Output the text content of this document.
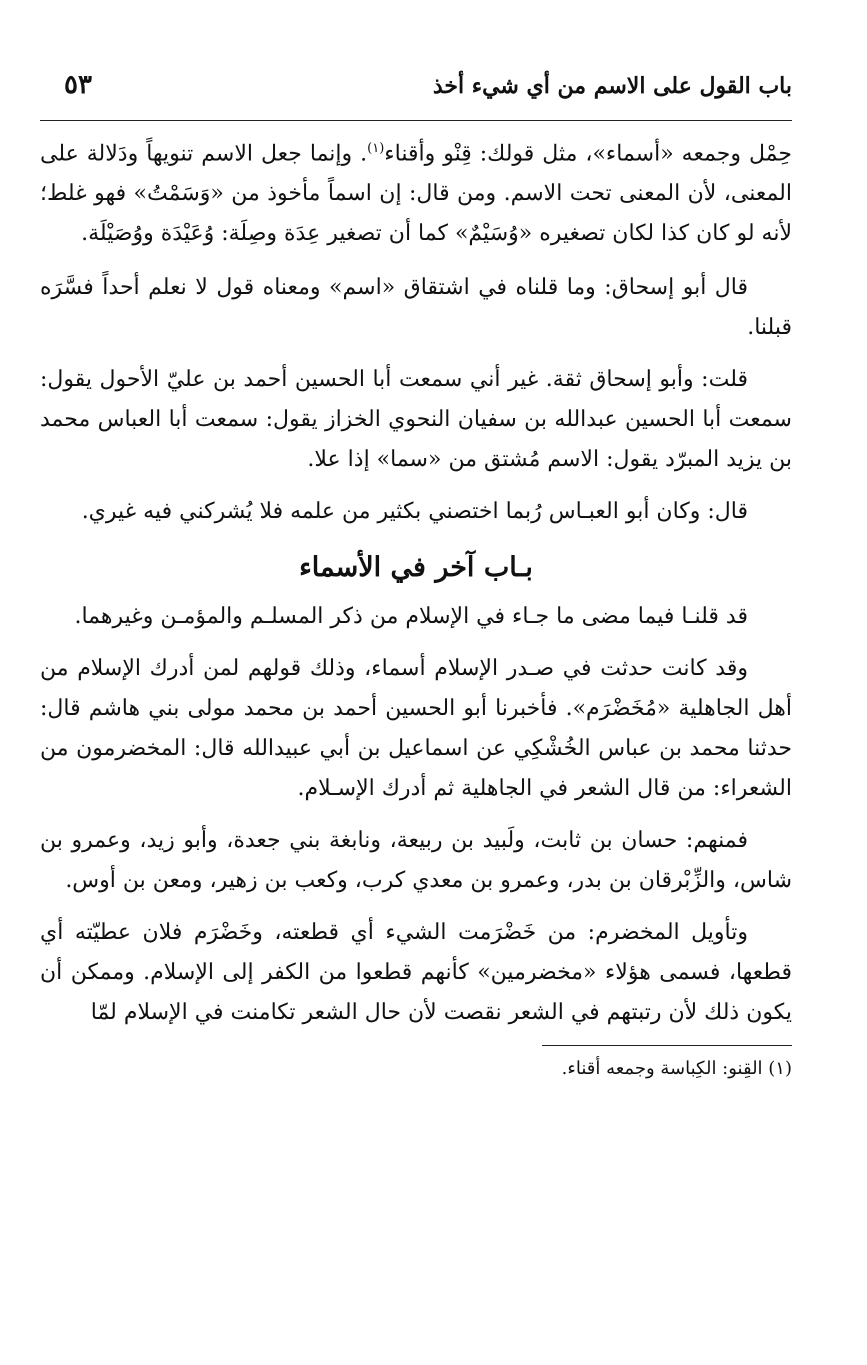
باب القول على الاسم من أي شيء أخذ
٥٣

حِمْل وجمعه «أسماء»، مثل قولك: قِنْو وأقناء$^{(١)}$. وإنما جعل الاسم تنويهاً ودَلالة على المعنى، لأن المعنى تحت الاسم. ومن قال: إن اسماً مأخوذ من «وَسَمْتُ» فهو غلط؛ لأنه لو كان كذا لكان تصغيره «وُسَيْمٌ» كما أن تصغير عِدَة وصِلَة: وُعَيْدَة ووُصَيْلَة.

قال أبو إسحاق: وما قلناه في اشتقاق «اسم» ومعناه قول لا نعلم أحداً فسَّرَه قبلنا.

قلت: وأبو إسحاق ثقة. غير أني سمعت أبا الحسين أحمد بن عليّ الأحول يقول: سمعت أبا الحسين عبدالله بن سفيان النحوي الخزاز يقول: سمعت أبا العباس محمد بن يزيد المبرّد يقول: الاسم مُشتق من «سما» إذا علا.

قال: وكان أبو العبـاس رُبما اختصني بكثير من علمه فلا يُشركني فيه غيري.

بـاب آخر في الأسماء

قد قلنـا فيما مضى ما جـاء في الإسلام من ذكر المسلـم والمؤمـن وغيرهما.

وقد كانت حدثت في صـدر الإسلام أسماء، وذلك قولهم لمن أدرك الإسلام من أهل الجاهلية «مُخَضْرَم». فأخبرنا أبو الحسين أحمد بن محمد مولى بني هاشم قال: حدثنا محمد بن عباس الخُشْكِي عن اسماعيل بن أبي عبيدالله قال: المخضرمون من الشعراء: من قال الشعر في الجاهلية ثم أدرك الإسـلام.

فمنهم: حسان بن ثابت، ولَبيد بن ربيعة، ونابغة بني جعدة، وأبو زيد، وعمرو بن شاس، والزِّبْرقان بن بدر، وعمرو بن معدي كرب، وكعب بن زهير، ومعن بن أوس.

وتأويل المخضرم: من خَضْرَمت الشيء أي قطعته، وخَضْرَم فلان عطيّته أي قطعها، فسمى هؤلاء «مخضرمين» كأنهم قطعوا من الكفر إلى الإسلام. وممكن أن يكون ذلك لأن رتبتهم في الشعر نقصت لأن حال الشعر تكامنت في الإسلام لمّا

(١) القِنو: الكِباسة وجمعه أقناء.
